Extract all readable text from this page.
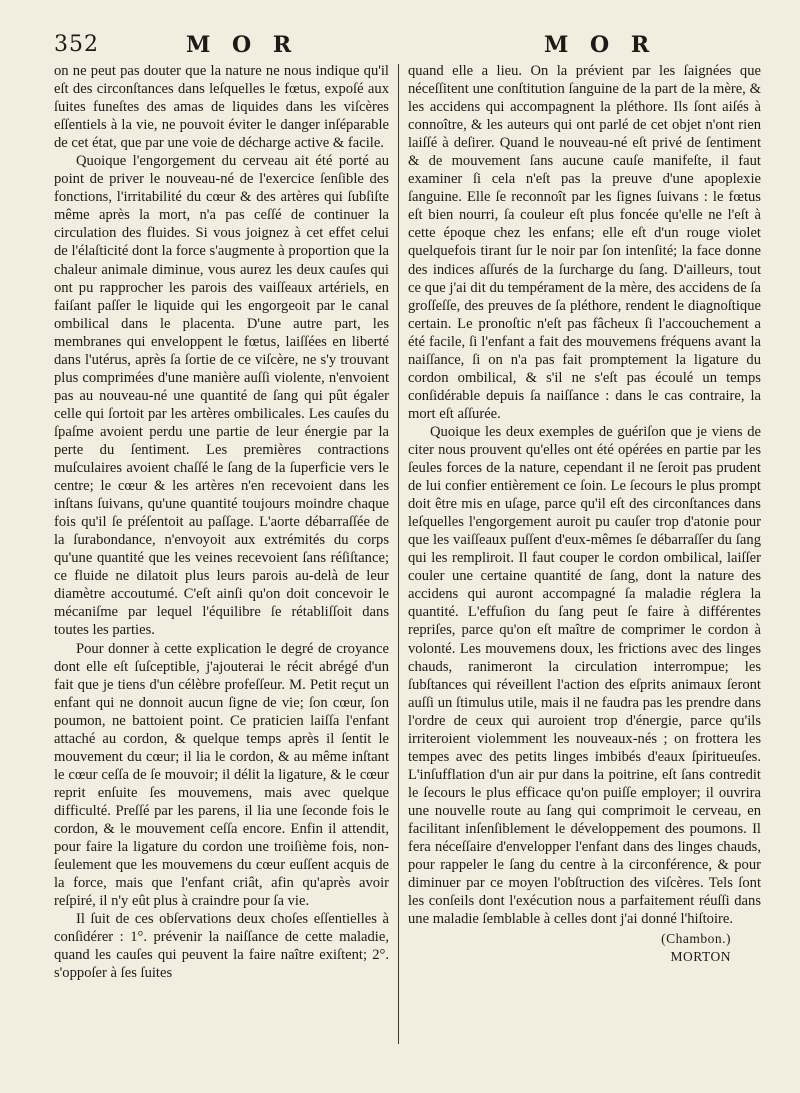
352	M O R	M O R

on ne peut pas douter que la nature ne nous indique qu'il eſt des circonſtances dans leſquelles le fœtus, expoſé aux ſuites funeſtes des amas de liquides dans les viſcères eſſentiels à la vie, ne pouvoit éviter le danger inſéparable de cet état, que par une voie de décharge active & facile.

Quoique l'engorgement du cerveau ait été porté au point de priver le nouveau-né de l'exercice ſenſible des fonctions, l'irritabilité du cœur & des artères qui ſubſiſte même après la mort, n'a pas ceſſé de continuer la circulation des fluides. Si vous joignez à cet effet celui de l'élaſticité dont la force s'augmente à proportion que la chaleur animale diminue, vous aurez les deux cauſes qui ont pu rapprocher les parois des vaiſſeaux artériels, en faiſant paſſer le liquide qui les engorgeoit par le canal ombilical dans le placenta. D'une autre part, les membranes qui enveloppent le fœtus, laiſſées en liberté dans l'utérus, après ſa ſortie de ce viſcère, ne s'y trouvant plus comprimées d'une manière auſſi violente, n'envoient pas au nouveau-né une quantité de ſang qui pût égaler celle qui ſortoit par les artères ombilicales. Les cauſes du ſpaſme avoient perdu une partie de leur énergie par la perte du ſentiment. Les premières contractions muſculaires avoient chaſſé le ſang de la ſuperficie vers le centre; le cœur & les artères n'en recevoient dans les inſtans ſuivans, qu'une quantité toujours moindre chaque fois qu'il ſe préſentoit au paſſage. L'aorte débarraſſée de la ſurabondance, n'envoyoit aux extrémités du corps qu'une quantité que les veines recevoient ſans réſiſtance; ce fluide ne dilatoit plus leurs parois au-delà de leur diamètre accoutumé. C'eſt ainſi qu'on doit concevoir le mécaniſme par lequel l'équilibre ſe rétabliſſoit dans toutes les parties.

Pour donner à cette explication le degré de croyance dont elle eſt ſuſceptible, j'ajouterai le récit abrégé d'un fait que je tiens d'un célèbre profeſſeur. M. Petit reçut un enfant qui ne donnoit aucun ſigne de vie; ſon cœur, ſon poumon, ne battoient point. Ce praticien laiſſa l'enfant attaché au cordon, & quelque temps après il ſentit le mouvement du cœur; il lia le cordon, & au même inſtant le cœur ceſſa de ſe mouvoir; il délit la ligature, & le cœur reprit enſuite ſes mouvemens, mais avec quelque difficulté. Preſſé par les parens, il lia une ſeconde fois le cordon, & le mouvement ceſſa encore. Enfin il attendit, pour faire la ligature du cordon une troiſième fois, non-ſeulement que les mouvemens du cœur euſſent acquis de la force, mais que l'enfant criât, afin qu'après avoir reſpiré, il n'y eût plus à craindre pour ſa vie.

Il ſuit de ces obſervations deux choſes eſſentielles à conſidérer : 1°. prévenir la naiſſance de cette maladie, quand les cauſes qui peuvent la faire naître exiſtent; 2°. s'oppoſer à ſes ſuites

quand elle a lieu. On la prévient par les ſaignées que néceſſitent une conſtitution ſanguine de la part de la mère, & les accidens qui accompagnent la pléthore. Ils ſont aiſés à connoître, & les auteurs qui ont parlé de cet objet n'ont rien laiſſé à deſirer. Quand le nouveau-né eſt privé de ſentiment & de mouvement ſans aucune cauſe manifeſte, il faut examiner ſi cela n'eſt pas la preuve d'une apoplexie ſanguine. Elle ſe reconnoît par les ſignes ſuivans : le fœtus eſt bien nourri, ſa couleur eſt plus foncée qu'elle ne l'eſt à cette époque chez les enfans; elle eſt d'un rouge violet quelquefois tirant ſur le noir par ſon intenſité; la face donne des indices aſſurés de la ſurcharge du ſang. D'ailleurs, tout ce que j'ai dit du tempérament de la mère, des accidens de ſa groſſeſſe, des preuves de ſa pléthore, rendent le diagnoſtique certain. Le pronoſtic n'eſt pas fâcheux ſi l'accouchement a été facile, ſi l'enfant a fait des mouvemens fréquens avant la naiſſance, ſi on n'a pas fait promptement la ligature du cordon ombilical, & s'il ne s'eſt pas écoulé un temps conſidérable depuis ſa naiſſance : dans le cas contraire, la mort eſt aſſurée.

Quoique les deux exemples de guériſon que je viens de citer nous prouvent qu'elles ont été opérées en partie par les ſeules forces de la nature, cependant il ne ſeroit pas prudent de lui confier entièrement ce ſoin. Le ſecours le plus prompt doit être mis en uſage, parce qu'il eſt des circonſtances dans leſquelles l'engorgement auroit pu cauſer trop d'atonie pour que les vaiſſeaux puſſent d'eux-mêmes ſe débarraſſer du ſang qui les rempliroit. Il faut couper le cordon ombilical, laiſſer couler une certaine quantité de ſang, dont la nature des accidens qui auront accompagné ſa maladie réglera la quantité. L'effuſion du ſang peut ſe faire à différentes repriſes, parce qu'on eſt maître de comprimer le cordon à volonté. Les mouvemens doux, les frictions avec des linges chauds, ranimeront la circulation interrompue; les ſubſtances qui réveillent l'action des eſprits animaux ſeront auſſi un ſtimulus utile, mais il ne faudra pas les prendre dans l'ordre de ceux qui auroient trop d'énergie, parce qu'ils irriteroient violemment les nouveaux-nés ; on frottera les tempes avec des petits linges imbibés d'eaux ſpiritueuſes. L'inſufflation d'un air pur dans la poitrine, eſt ſans contredit le ſecours le plus efficace qu'on puiſſe employer; il ouvrira une nouvelle route au ſang qui comprimoit le cerveau, en facilitant inſenſiblement le développement des poumons. Il fera néceſſaire d'envelopper l'enfant dans des linges chauds, pour rappeler le ſang du centre à la circonférence, & pour diminuer par ce moyen l'obſtruction des viſcères. Tels ſont les conſeils dont l'exécution nous a parfaitement réuſſi dans une maladie ſemblable à celles dont j'ai donné l'hiſtoire.

(Chambon.)
MORTON
